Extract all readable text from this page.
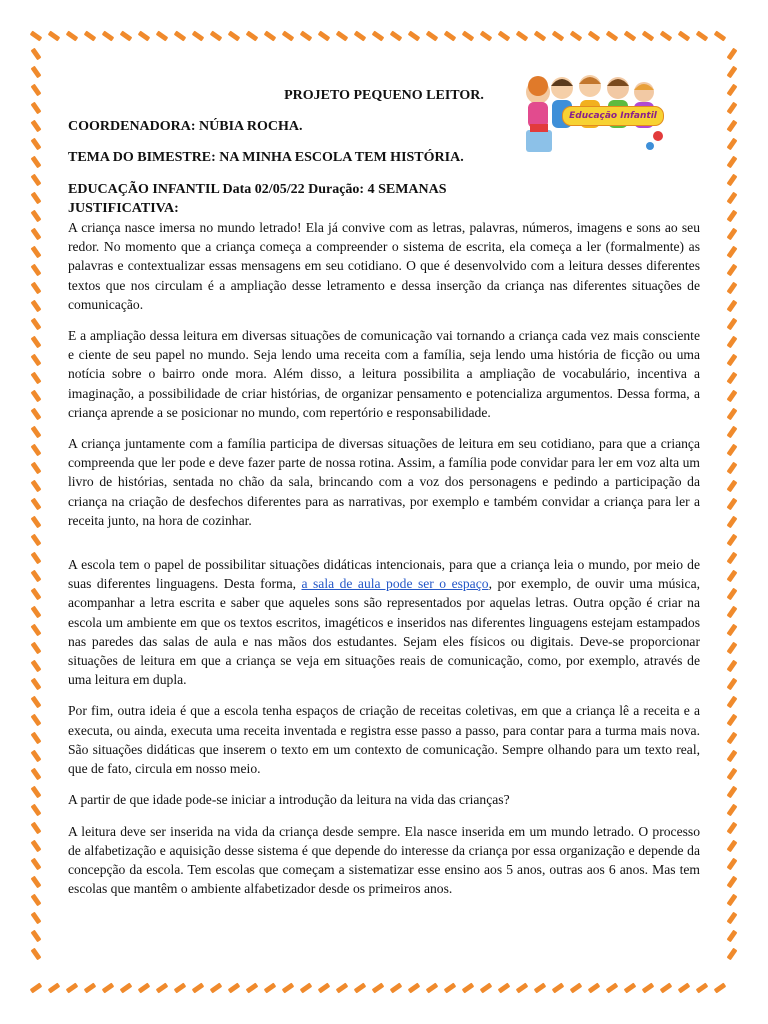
Educação Infantil
PROJETO PEQUENO LEITOR.
COORDENADORA: NÚBIA ROCHA.
TEMA DO BIMESTRE: NA MINHA ESCOLA TEM HISTÓRIA.
EDUCAÇÃO INFANTIL Data 02/05/22 Duração: 4 SEMANAS
JUSTIFICATIVA:

A criança nasce imersa no mundo letrado! Ela já convive com as letras, palavras, números, imagens e sons ao seu redor. No momento que a criança começa a compreender o sistema de escrita, ela começa a ler (formalmente) as palavras e contextualizar essas mensagens em seu cotidiano. O que é desenvolvido com a leitura desses diferentes textos que nos circulam é a ampliação desse letramento e dessa inserção da criança nas diferentes situações de comunicação.

E a ampliação dessa leitura em diversas situações de comunicação vai tornando a criança cada vez mais consciente e ciente de seu papel no mundo. Seja lendo uma receita com a família, seja lendo uma história de ficção ou uma notícia sobre o bairro onde mora. Além disso, a leitura possibilita a ampliação de vocabulário, incentiva a imaginação, a possibilidade de criar histórias, de organizar pensamento e potencializa argumentos. Dessa forma, a criança aprende a se posicionar no mundo, com repertório e responsabilidade.

A criança juntamente com a família participa de diversas situações de leitura em seu cotidiano, para que a criança compreenda que ler pode e deve fazer parte de nossa rotina. Assim, a família pode convidar para ler em voz alta um livro de histórias, sentada no chão da sala, brincando com a voz dos personagens e pedindo a participação da criança na criação de desfechos diferentes para as narrativas, por exemplo e também convidar a criança para ler a receita junto, na hora de cozinhar.

A escola tem o papel de possibilitar situações didáticas intencionais, para que a criança leia o mundo, por meio de suas diferentes linguagens. Desta forma, a sala de aula pode ser o espaço, por exemplo, de ouvir uma música, acompanhar a letra escrita e saber que aqueles sons são representados por aquelas letras. Outra opção é criar na escola um ambiente em que os textos escritos, imagéticos e inseridos nas diferentes linguagens estejam estampados nas paredes das salas de aula e nas mãos dos estudantes. Sejam eles físicos ou digitais. Deve-se proporcionar situações de leitura em que a criança se veja em situações reais de comunicação, como, por exemplo, através de uma leitura em dupla.

Por fim, outra ideia é que a escola tenha espaços de criação de receitas coletivas, em que a criança lê a receita e a executa, ou ainda, executa uma receita inventada e registra esse passo a passo, para contar para a turma mais nova. São situações didáticas que inserem o texto em um contexto de comunicação. Sempre olhando para um texto real, que de fato, circula em nosso meio.

A partir de que idade pode-se iniciar a introdução da leitura na vida das crianças?

A leitura deve ser inserida na vida da criança desde sempre. Ela nasce inserida em um mundo letrado. O processo de alfabetização e aquisição desse sistema é que depende do interesse da criança por essa organização e depende da concepção da escola. Tem escolas que começam a sistematizar esse ensino aos 5 anos, outras aos 6 anos. Mas tem escolas que mantêm o ambiente alfabetizador desde os primeiros anos.
